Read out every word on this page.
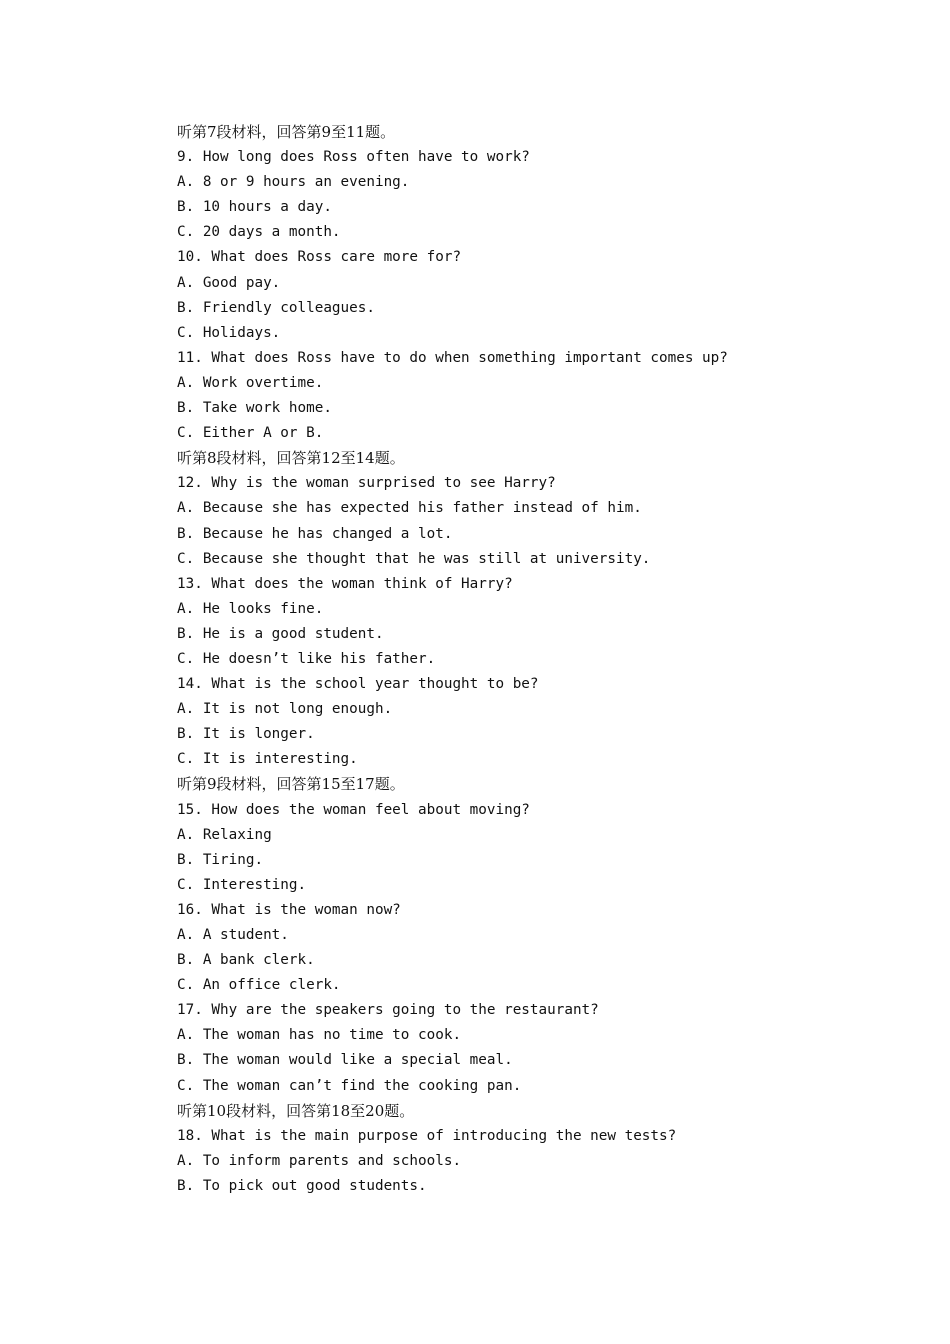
听第7段材料，回答第9至11题。
9. How long does Ross often have to work?
A. 8 or 9 hours an evening.
B. 10 hours a day.
C. 20 days a month.
10. What does Ross care more for?
A. Good pay.
B. Friendly colleagues.
C. Holidays.
11. What does Ross have to do when something important comes up?
A. Work overtime.
B. Take work home.
C. Either A or B.
听第8段材料，回答第12至14题。
12. Why is the woman surprised to see Harry?
A. Because she has expected his father instead of him.
B. Because he has changed a lot.
C. Because she thought that he was still at university.
13. What does the woman think of Harry?
A. He looks fine.
B. He is a good student.
C. He doesn’t like his father.
14. What is the school year thought to be?
A. It is not long enough.
B. It is longer.
C. It is interesting.
听第9段材料，回答第15至17题。
15. How does the woman feel about moving?
A. Relaxing
B. Tiring.
C. Interesting.
16. What is the woman now?
A. A student.
B. A bank clerk.
C. An office clerk.
17. Why are the speakers going to the restaurant?
A. The woman has no time to cook.
B. The woman would like a special meal.
C. The woman can’t find the cooking pan.
听第10段材料，回答第18至20题。
18. What is the main purpose of introducing the new tests?
A. To inform parents and schools.
B. To pick out good students.
